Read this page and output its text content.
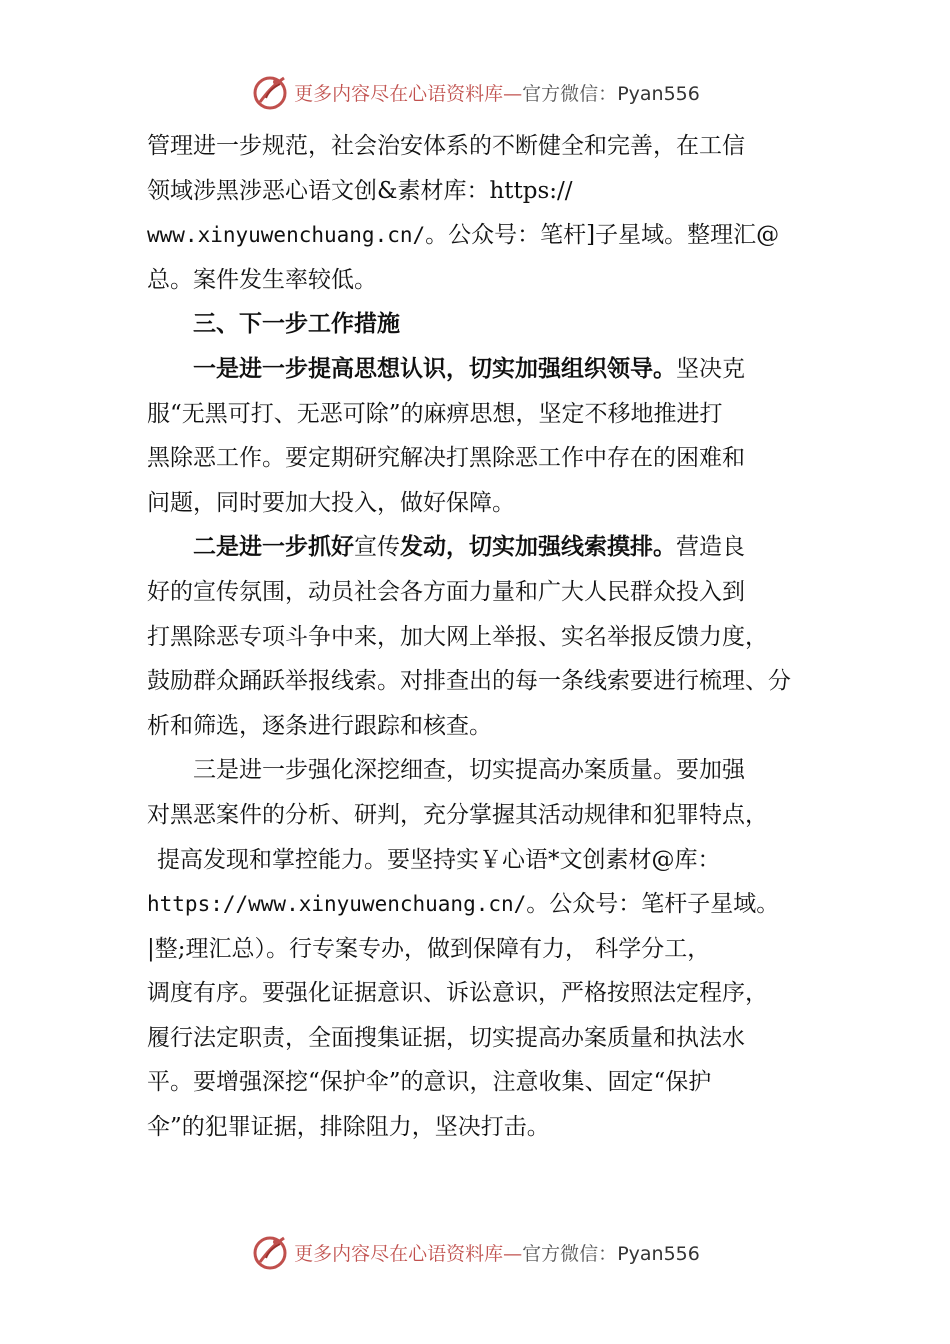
更多内容尽在心语资料库—官方微信：Pyan556
管理进一步规范，社会治安体系的不断健全和完善，在工信
领域涉黑涉恶心语文创&素材库：https://
www.xinyuwenchuang.cn/。公众号：笔杆]子星域。整理汇@
总。案件发生率较低。
三、下一步工作措施
一是进一步提高思想认识，切实加强组织领导。坚决克
服“无黑可打、无恶可除”的麻痹思想，坚定不移地推进打
黑除恶工作。要定期研究解决打黑除恶工作中存在的困难和
问题，同时要加大投入，做好保障。
二是进一步抓好宣传发动，切实加强线索摸排。营造良
好的宣传氛围，动员社会各方面力量和广大人民群众投入到
打黑除恶专项斗争中来，加大网上举报、实名举报反馈力度，
鼓励群众踊跃举报线索。对排查出的每一条线索要进行梳理、分
析和筛选，逐条进行跟踪和核查。
三是进一步强化深挖细查，切实提高办案质量。要加强
对黑恶案件的分析、研判，充分掌握其活动规律和犯罪特点，
提高发现和掌控能力。要坚持实￥心语*文创素材@库：
https://www.xinyuwenchuang.cn/。公众号：笔杆子星域。
|整;理汇总）。行专案专办，做到保障有力， 科学分工，
调度有序。要强化证据意识、诉讼意识，严格按照法定程序，
履行法定职责，全面搜集证据，切实提高办案质量和执法水
平。要增强深挖“保护伞”的意识，注意收集、固定“保护
伞”的犯罪证据，排除阻力，坚决打击。
更多内容尽在心语资料库—官方微信：Pyan556
